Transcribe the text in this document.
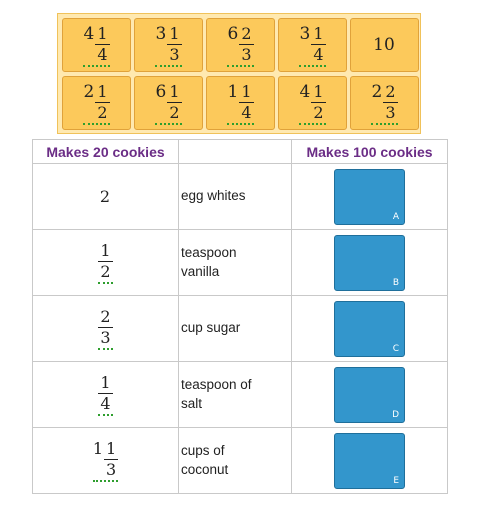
$4 \frac{1}{4}$	$3 \frac{1}{3}$	$6 \frac{2}{3}$	$3 \frac{1}{4}$	10
$2 \frac{1}{2}$	$6 \frac{1}{2}$	$1 \frac{1}{4}$	$4 \frac{1}{2}$	$2 \frac{2}{3}$
Makes 20 cookies		Makes 100 cookies

2	egg whites	A

$\frac{1}{2}$	teaspoon vanilla	B

$\frac{2}{3}$	cup sugar	C

$\frac{1}{4}$	teaspoon of salt	D

$1 \frac{1}{3}$	cups of coconut	E
